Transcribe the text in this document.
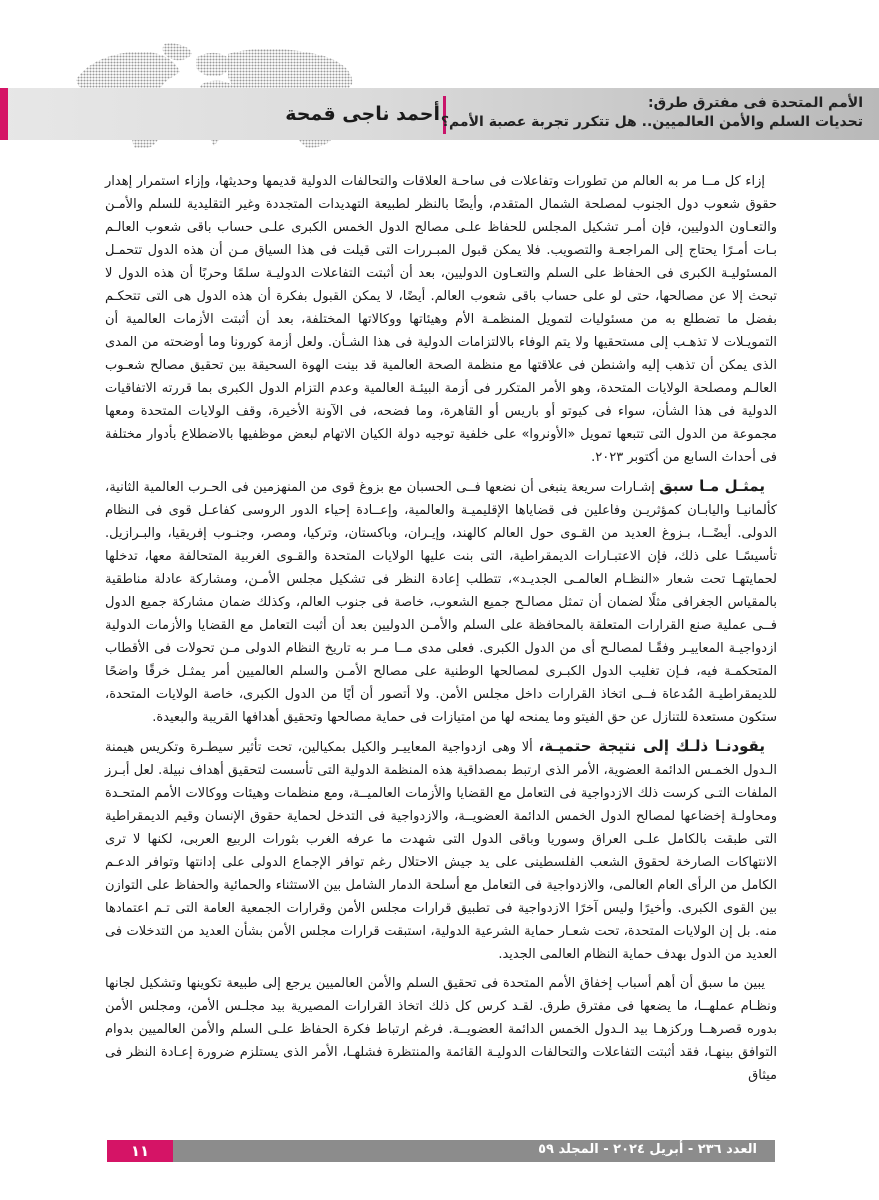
الأمم المتحدة فى مفترق طرق:
تحديات السلم والأمن العالميين.. هل تتكرر تجربة عصبة الأمم؟
أحمد ناجى قمحة

إزاء كل مــا مر به العالم من تطورات وتفاعلات فى ساحـة العلاقات والتحالفات الدولية قديمها وحديثها، وإزاء استمرار إهدار حقوق شعوب دول الجنوب لمصلحة الشمال المتقدم، وأيضًا بالنظر لطبيعة التهديدات المتجددة وغير التقليدية للسلم والأمـن والتعـاون الدوليين، فإن أمـر تشكيل المجلس للحفاظ علـى مصالح الدول الخمس الكبرى علـى حساب باقى شعوب العالـم بـات أمـرًا يحتاج إلى المراجعـة والتصويب. فلا يمكن قبول المبـررات التى قيلت فى هذا السياق مـن أن هذه الدول تتحمـل المسئوليـة الكبرى فى الحفاظ على السلم والتعـاون الدوليين، بعد أن أثبتت التفاعلات الدوليـة سلمًا وحربًا أن هذه الدول لا تبحث إلا عن مصالحها، حتى لو على حساب باقى شعوب العالم. أيضًا، لا يمكن القبول بفكرة أن هذه الدول هى التى تتحكـم بفضل ما تضطلع به من مسئوليات لتمويل المنظمـة الأم وهيئاتها ووكالاتها المختلفة، بعد أن أثبتت الأزمات العالمية أن التمويـلات لا تذهـب إلى مستحقيها ولا يتم الوفاء بالالتزامات الدولية فى هذا الشـأن. ولعل أزمة كورونا وما أوضحته من المدى الذى يمكن أن تذهب إليه واشنطن فى علاقتها مع منظمة الصحة العالمية قد بينت الهوة السحيقة بين تحقيق مصالح شعـوب العالـم ومصلحة الولايات المتحدة، وهو الأمر المتكرر فى أزمة البيئـة العالمية وعدم التزام الدول الكبرى بما قررته الاتفاقيات الدولية فى هذا الشأن، سواء فى كيوتو أو باريس أو القاهرة، وما فضحه، فى الآونة الأخيرة، وقف الولايات المتحدة ومعها مجموعة من الدول التى تتبعها تمويل «الأونروا» على خلفية توجيه دولة الكيان الاتهام لبعض موظفيها بالاضطلاع بأدوار مختلفة فى أحداث السابع من أكتوبر ٢٠٢٣.

يمثـل مـا سبق إشـارات سريعة ينبغى أن نضعها فــى الحسبان مع بزوغ قوى من المنهزمين فى الحـرب العالمية الثانية، كألمانيـا واليابـان كمؤثريـن وفاعلين فى قضاياها الإقليميـة والعالمية، وإعــادة إحياء الدور الروسى كفاعـل قوى فى النظام الدولى. أيضًــا، بـزوغ العديد من القـوى حول العالم كالهند، وإيـران، وباكستان، وتركيا، ومصر، وجنـوب إفريقيا، والبـرازيل. تأسيسًـا على ذلك، فإن الاعتبـارات الديمقراطية، التى بنت عليها الولايات المتحدة والقـوى الغربية المتحالفة معها، تدخلها لحمايتهـا تحت شعار «النظـام العالمـى الجديـد»، تتطلب إعادة النظر فى تشكيل مجلس الأمـن، ومشاركة عادلة مناطقية بالمقياس الجغرافى مثلًا لضمان أن تمثل مصالـح جميع الشعوب، خاصة فى جنوب العالم، وكذلك ضمان مشاركة جميع الدول فــى عملية صنع القرارات المتعلقة بالمحافظة على السلم والأمـن الدوليين بعد أن أثبت التعامل مع القضايا والأزمات الدولية ازدواجيـة المعاييـر وفقًـا لمصالـح أى من الدول الكبرى. فعلى مدى مــا مـر به تاريخ النظام الدولى مـن تحولات فى الأقطاب المتحكمـة فيه، فـإن تغليب الدول الكبـرى لمصالحها الوطنية على مصالح الأمـن والسلم العالميين أمر يمثـل خرقًا واضحًا للديمقراطيـة المُدعاة فــى اتخاذ القرارات داخل مجلس الأمن. ولا أتصور أن أيًا من الدول الكبرى، خاصة الولايات المتحدة، ستكون مستعدة للتنازل عن حق الفيتو وما يمنحه لها من امتيازات فى حماية مصالحها وتحقيق أهدافها القريبة والبعيدة.

يقودنـا ذلـك إلى نتيجة حتميـة، ألا وهى ازدواجية المعاييـر والكيل بمكيالين، تحت تأثير سيطـرة وتكريس هيمنة الـدول الخمـس الدائمة العضوية، الأمر الذى ارتبط بمصداقية هذه المنظمة الدولية التى تأسست لتحقيق أهداف نبيلة. لعل أبـرز الملفات التـى كرست ذلك الازدواجية فى التعامل مع القضايا والأزمات العالميــة، ومع منظمات وهيئات ووكالات الأمم المتحـدة ومحاولـة إخضاعها لمصالح الدول الخمس الدائمة العضويــة، والازدواجية فى التدخل لحماية حقوق الإنسان وقيم الديمقراطية التى طبقت بالكامل علـى العراق وسوريا وباقى الدول التى شهدت ما عرفه الغرب بثورات الربيع العربى، لكنها لا ترى الانتهاكات الصارخة لحقوق الشعب الفلسطينى على يد جيش الاحتلال رغم توافر الإجماع الدولى على إدانتها وتوافر الدعـم الكامل من الرأى العام العالمى، والازدواجية فى التعامل مع أسلحة الدمار الشامل بين الاستثناء والحمائية والحفاظ على التوازن بين القوى الكبرى. وأخيرًا وليس آخرًا الازدواجية فى تطبيق قرارات مجلس الأمن وقرارات الجمعية العامة التى تـم اعتمادها منه. بل إن الولايات المتحدة، تحت شعـار حماية الشرعية الدولية، استبقت قرارات مجلس الأمن بشأن العديد من التدخلات فى العديد من الدول بهدف حماية النظام العالمى الجديد.

يبين ما سبق أن أهم أسباب إخفاق الأمم المتحدة فى تحقيق السلم والأمن العالميين يرجع إلى طبيعة تكوينها وتشكيل لجانها ونظـام عملهــا، ما يضعها فى مفترق طرق. لقـد كرس كل ذلك اتخاذ القرارات المصيرية بيد مجلـس الأمن، ومجلس الأمن بدوره قصرهــا وركزهـا بيد الـدول الخمس الدائمة العضويــة. فرغم ارتباط فكرة الحفاظ علـى السلم والأمن العالميين بدوام التوافق بينهـا، فقد أثبتت التفاعلات والتحالفات الدوليـة القائمة والمنتظرة فشلهـا، الأمر الذى يستلزم ضرورة إعـادة النظر فى ميثاق

العدد ٢٣٦ - أبريل ٢٠٢٤ - المجلد ٥٩
١١
